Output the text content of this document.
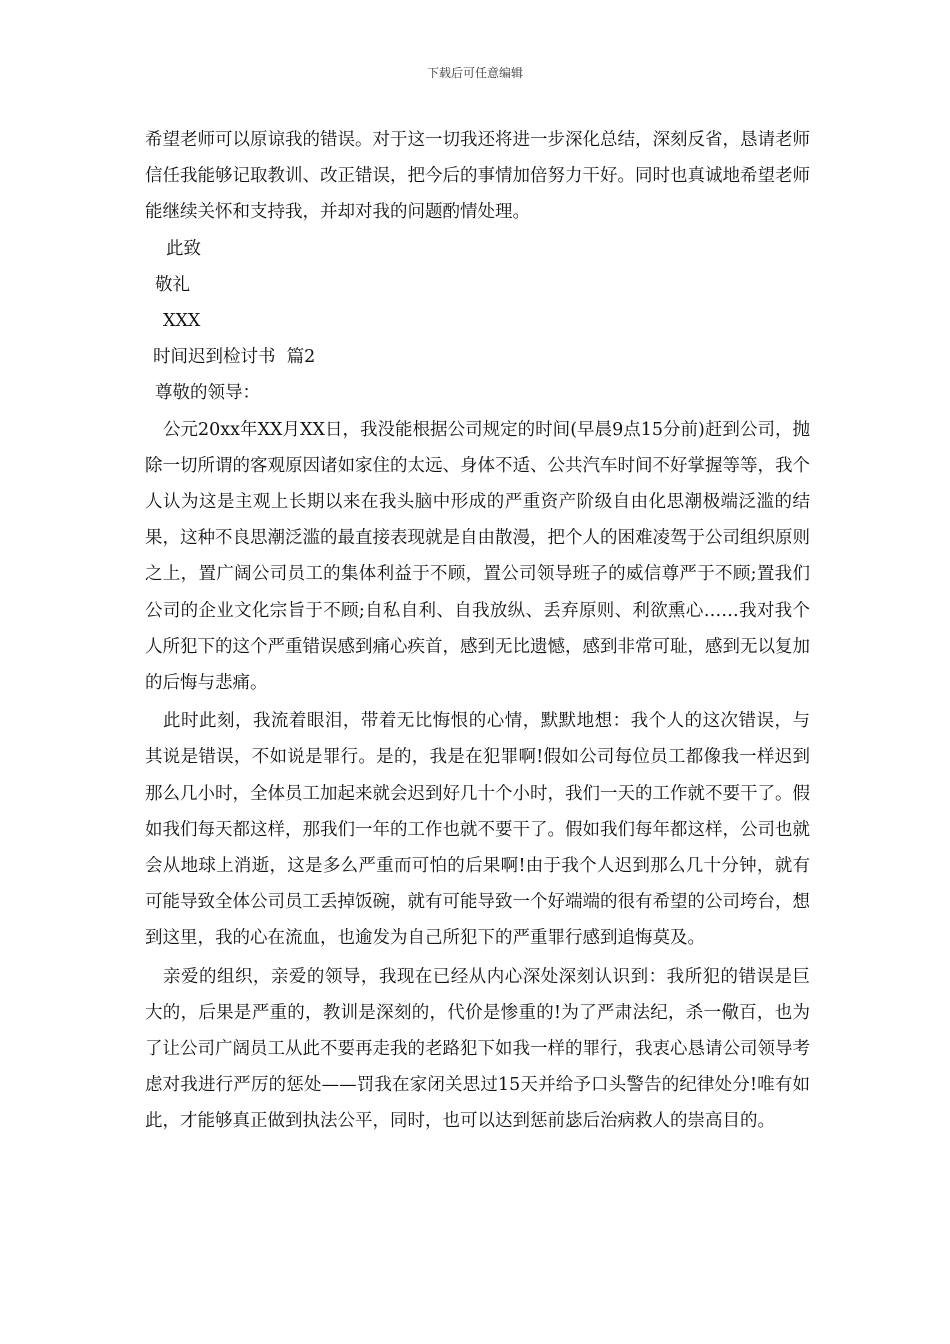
下载后可任意编辑

希望老师可以原谅我的错误。对于这一切我还将进一步深化总结，深刻反省，恳请老师信任我能够记取教训、改正错误，把今后的事情加倍努力干好。同时也真诚地希望老师能继续关怀和支持我，并却对我的问题酌情处理。

此致

敬礼

XXX

时间迟到检讨书  篇2

尊敬的领导：

公元20xx年XX月XX日，我没能根据公司规定的时间(早晨9点15分前)赶到公司，抛除一切所谓的客观原因诸如家住的太远、身体不适、公共汽车时间不好掌握等等，我个人认为这是主观上长期以来在我头脑中形成的严重资产阶级自由化思潮极端泛滥的结果，这种不良思潮泛滥的最直接表现就是自由散漫，把个人的困难凌驾于公司组织原则之上，置广阔公司员工的集体利益于不顾，置公司领导班子的威信尊严于不顾;置我们公司的企业文化宗旨于不顾;自私自利、自我放纵、丢弃原则、利欲熏心……我对我个人所犯下的这个严重错误感到痛心疾首，感到无比遗憾，感到非常可耻，感到无以复加的后悔与悲痛。

此时此刻，我流着眼泪，带着无比悔恨的心情，默默地想：我个人的这次错误，与其说是错误，不如说是罪行。是的，我是在犯罪啊!假如公司每位员工都像我一样迟到那么几小时，全体员工加起来就会迟到好几十个小时，我们一天的工作就不要干了。假如我们每天都这样，那我们一年的工作也就不要干了。假如我们每年都这样，公司也就会从地球上消逝，这是多么严重而可怕的后果啊!由于我个人迟到那么几十分钟，就有可能导致全体公司员工丢掉饭碗，就有可能导致一个好端端的很有希望的公司垮台，想到这里，我的心在流血，也逾发为自己所犯下的严重罪行感到追悔莫及。

亲爱的组织，亲爱的领导，我现在已经从内心深处深刻认识到：我所犯的错误是巨大的，后果是严重的，教训是深刻的，代价是惨重的!为了严肃法纪，杀一儆百，也为了让公司广阔员工从此不要再走我的老路犯下如我一样的罪行，我衷心恳请公司领导考虑对我进行严厉的惩处——罚我在家闭关思过15天并给予口头警告的纪律处分!唯有如此，才能够真正做到执法公平，同时，也可以达到惩前毖后治病救人的崇高目的。
